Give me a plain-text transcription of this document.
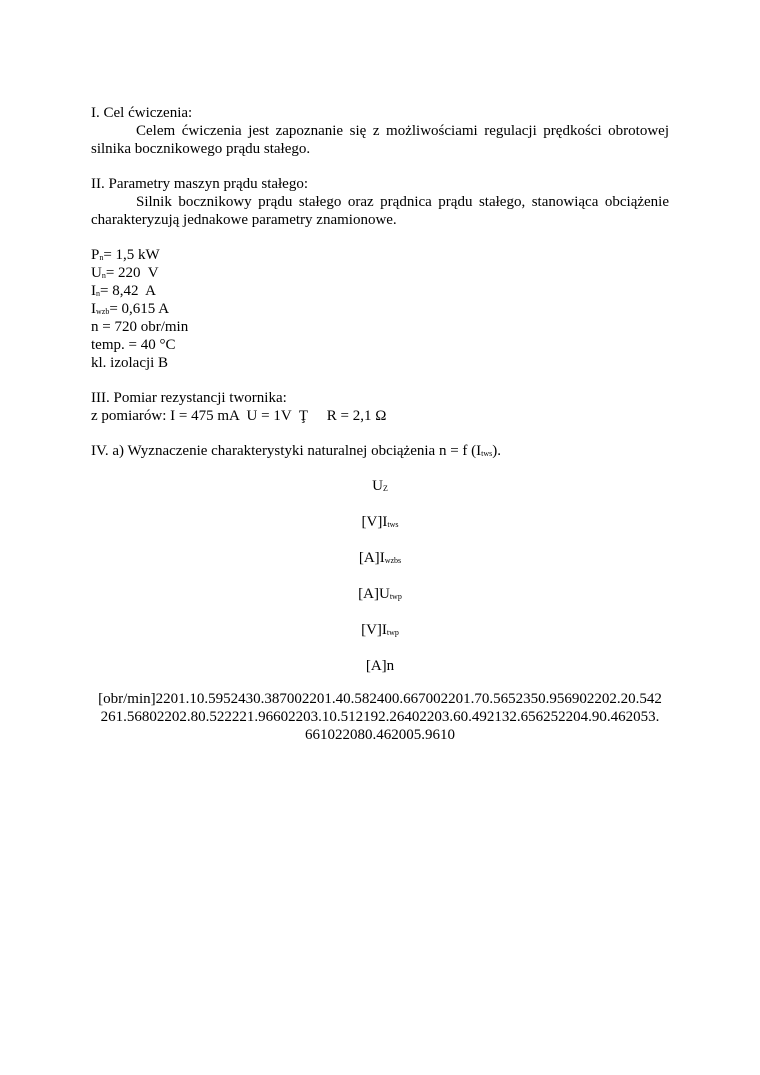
I. Cel ćwiczenia:

Celem ćwiczenia jest zapoznanie się z możliwościami regulacji prędkości obrotowej silnika bocznikowego prądu stałego.

II. Parametry maszyn prądu stałego:

Silnik bocznikowy prądu stałego oraz prądnica prądu stałego, stanowiąca obciążenie charakteryzują jednakowe parametry znamionowe.

$P_n= 1,5$ kW

$U_n= 220$  V

$I_n= 8,42$  A

$I_{wzb}= 0,615$ A

n = 720 obr/min

temp. = 40 °C

kl. izolacji B

III. Pomiar rezystancji twornika:

z pomiarów: I = 475 mA  U = 1V  Ţ     R = 2,1 Ω

IV. a) Wyznaczenie charakterystyki naturalnej obciążenia n = f $(I_{tws})$.

$U_Z$

$[V]I_{tws}$

$[A]I_{wzbs}$

$[A]U_{twp}$

$[V]I_{twp}$

[A]n

[obr/min]2201.10.5952430.387002201.40.582400.667002201.70.5652350.956902202.20.542

261.56802202.80.522221.96602203.10.512192.26402203.60.492132.656252204.90.462053.

661022080.462005.9610
